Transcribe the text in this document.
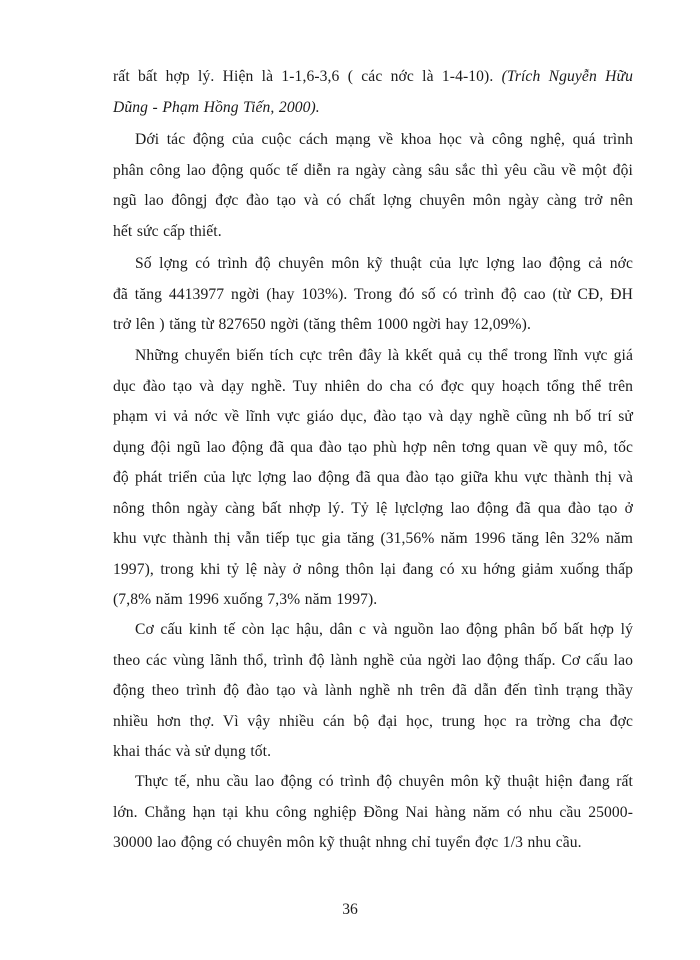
rất bất hợp lý. Hiện là 1-1,6-3,6 ( các nớc là 1-4-10). (Trích Nguyễn Hữu
Dũng - Phạm Hồng Tiến, 2000).

Dới tác động của cuộc cách mạng về khoa học và công nghệ, quá trình
phân công lao động quốc tế diễn ra ngày càng sâu sắc thì yêu cầu về một đội
ngũ lao đôngj đợc đào tạo và có chất lợng chuyên môn ngày càng trở nên
hết sức cấp thiết.

Số lợng có trình độ chuyên môn kỹ thuật của lực lợng lao động cả nớc
đã tăng 4413977 ngời (hay 103%). Trong đó số có trình độ cao (từ CĐ, ĐH
trở lên ) tăng từ 827650 ngời (tăng thêm 1000 ngời hay 12,09%).

Những chuyển biến tích cực trên đây là kkết quả cụ thể trong lĩnh vực giá
dục đào tạo và dạy nghề. Tuy nhiên do cha có đợc quy hoạch tổng thể trên
phạm vi vả nớc về lĩnh vực giáo dục, đào tạo và dạy nghề cũng nh bố trí sử
dụng đội ngũ lao động đã qua đào tạo phù hợp nên tơng quan về quy mô, tốc
độ phát triển của lực lợng lao động đã qua đào tạo giữa khu vực thành thị và
nông thôn ngày càng bất nhợp lý. Tỷ lệ lựclợng lao động đã qua đào tạo ở
khu vực thành thị vẫn tiếp tục gia tăng (31,56% năm 1996 tăng lên 32% năm
1997), trong khi tỷ lệ này ở nông thôn lại đang có xu hớng giảm xuống thấp
(7,8% năm 1996 xuống 7,3% năm 1997).

Cơ cấu kinh tế còn lạc hậu, dân c và nguồn lao động phân bố bất hợp lý
theo các vùng lãnh thổ, trình độ lành nghề của ngời lao động thấp. Cơ cấu lao
động theo trình độ đào tạo và lành nghề nh trên đã dẫn đến tình trạng thầy
nhiều hơn thợ. Vì vậy nhiều cán bộ đại học, trung học ra trờng cha đợc
khai thác và sử dụng tốt.

Thực tế, nhu cầu lao động có trình độ chuyên môn kỹ thuật hiện đang rất
lớn. Chẳng hạn tại khu công nghiệp Đồng Nai hàng năm có nhu cầu 25000-
30000 lao động có chuyên môn kỹ thuật nhng chỉ tuyển đợc 1/3 nhu cầu.

36
